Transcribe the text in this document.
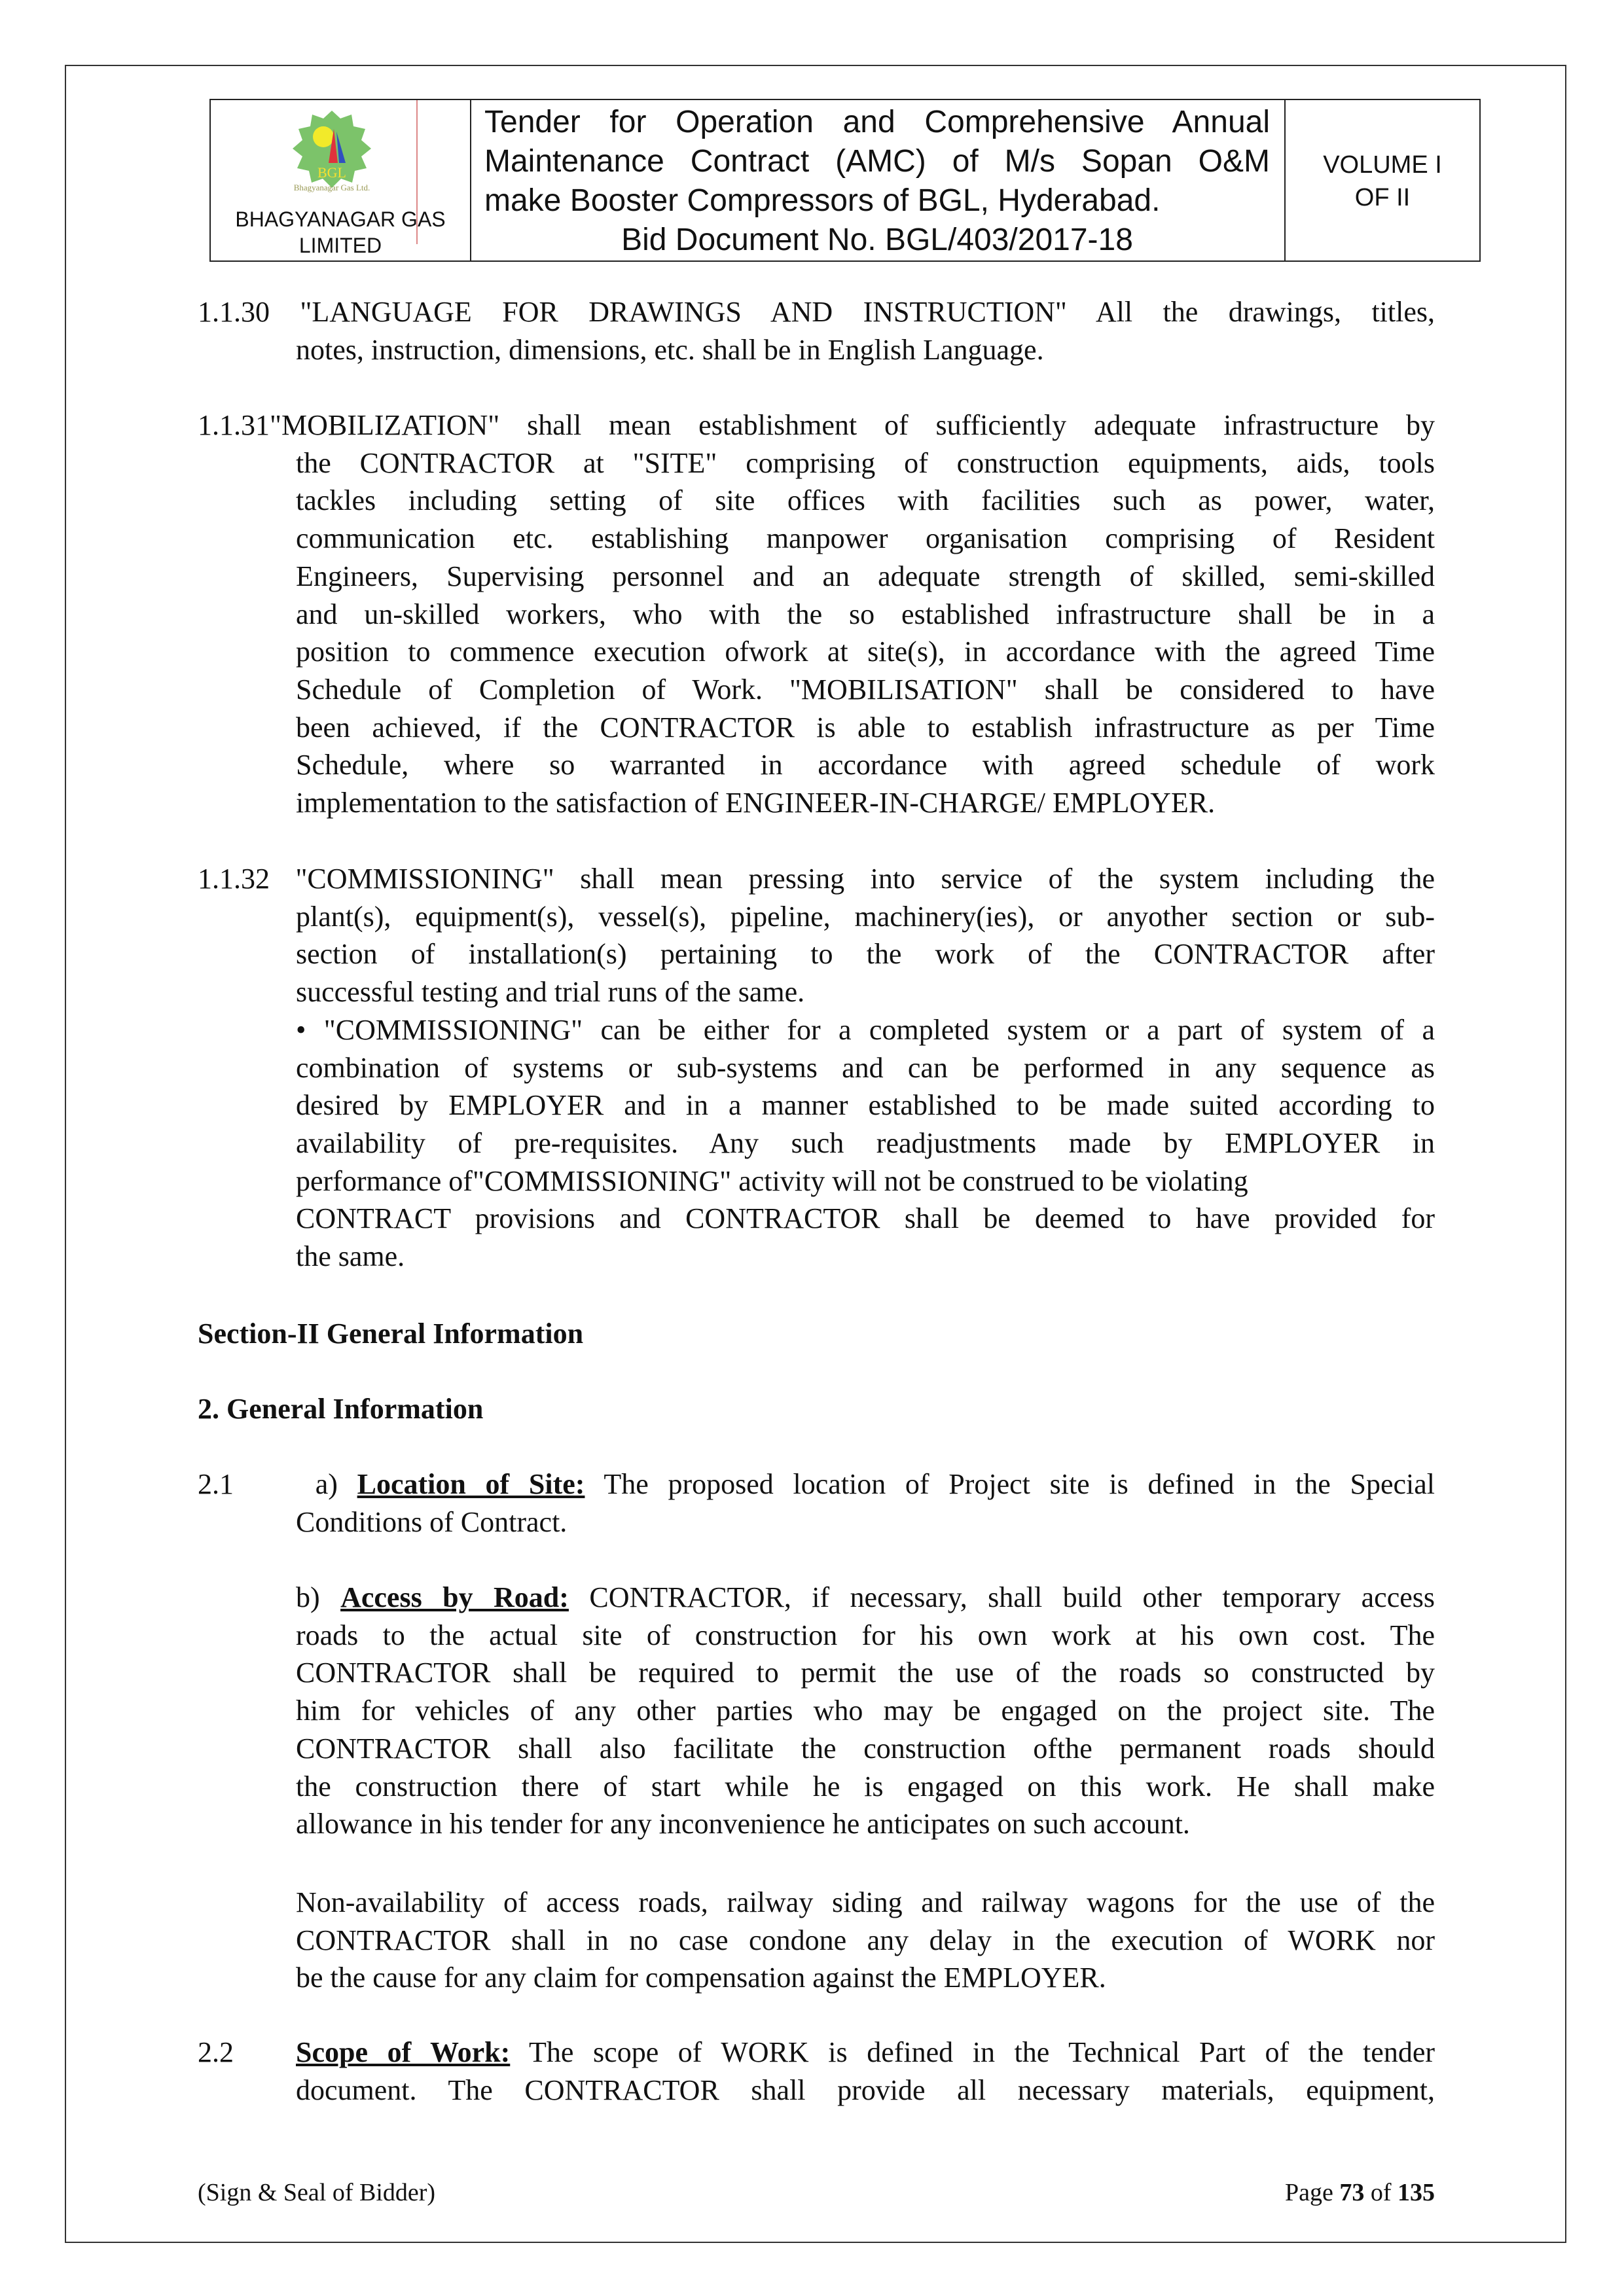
BGL
Bhagyanagar Gas Ltd.
BHAGYANAGAR GAS
LIMITED
Tender for Operation and Comprehensive Annual
Maintenance Contract (AMC) of M/s Sopan O&M
make Booster Compressors of BGL, Hyderabad.
Bid Document No. BGL/403/2017-18
VOLUME I
OF II
1.1.30 "LANGUAGE FOR DRAWINGS AND INSTRUCTION" All the drawings, titles,
notes, instruction, dimensions, etc. shall be in English Language.
1.1.31"MOBILIZATION" shall mean establishment of sufficiently adequate infrastructure by
the CONTRACTOR at "SITE" comprising of construction equipments, aids, tools
tackles including setting of site offices with facilities such as power, water,
communication etc. establishing manpower organisation comprising of Resident
Engineers, Supervising personnel and an adequate strength of skilled, semi-skilled
and un-skilled workers, who with the so established infrastructure shall be in a
position to commence execution ofwork at site(s), in accordance with the agreed Time
Schedule of Completion of Work. "MOBILISATION" shall be considered to have
been achieved, if the CONTRACTOR is able to establish infrastructure as per Time
Schedule, where so warranted in accordance with agreed schedule of work
implementation to the satisfaction of ENGINEER-IN-CHARGE/ EMPLOYER.
1.1.32 "COMMISSIONING" shall mean pressing into service of the system including the
plant(s), equipment(s), vessel(s), pipeline, machinery(ies), or anyother section or sub-
section of installation(s) pertaining to the work of the CONTRACTOR after
successful testing and trial runs of the same.
• "COMMISSIONING" can be either for a completed system or a part of system of a
combination of systems or sub-systems and can be performed in any sequence as
desired by EMPLOYER and in a manner established to be made suited according to
availability of pre-requisites. Any such readjustments made by EMPLOYER in
performance of"COMMISSIONING" activity will not be construed to be violating
CONTRACT provisions and CONTRACTOR shall be deemed to have provided for
the same.
Section-II General Information
2. General Information
2.1 a) Location of Site: The proposed location of Project site is defined in the Special
Conditions of Contract.
b) Access by Road: CONTRACTOR, if necessary, shall build other temporary access
roads to the actual site of construction for his own work at his own cost. The
CONTRACTOR shall be required to permit the use of the roads so constructed by
him for vehicles of any other parties who may be engaged on the project site. The
CONTRACTOR shall also facilitate the construction ofthe permanent roads should
the construction there of start while he is engaged on this work. He shall make
allowance in his tender for any inconvenience he anticipates on such account.
Non-availability of access roads, railway siding and railway wagons for the use of the
CONTRACTOR shall in no case condone any delay in the execution of WORK nor
be the cause for any claim for compensation against the EMPLOYER.
2.2 Scope of Work: The scope of WORK is defined in the Technical Part of the tender
document. The CONTRACTOR shall provide all necessary materials, equipment,
(Sign & Seal of Bidder)	Page 73 of 135
